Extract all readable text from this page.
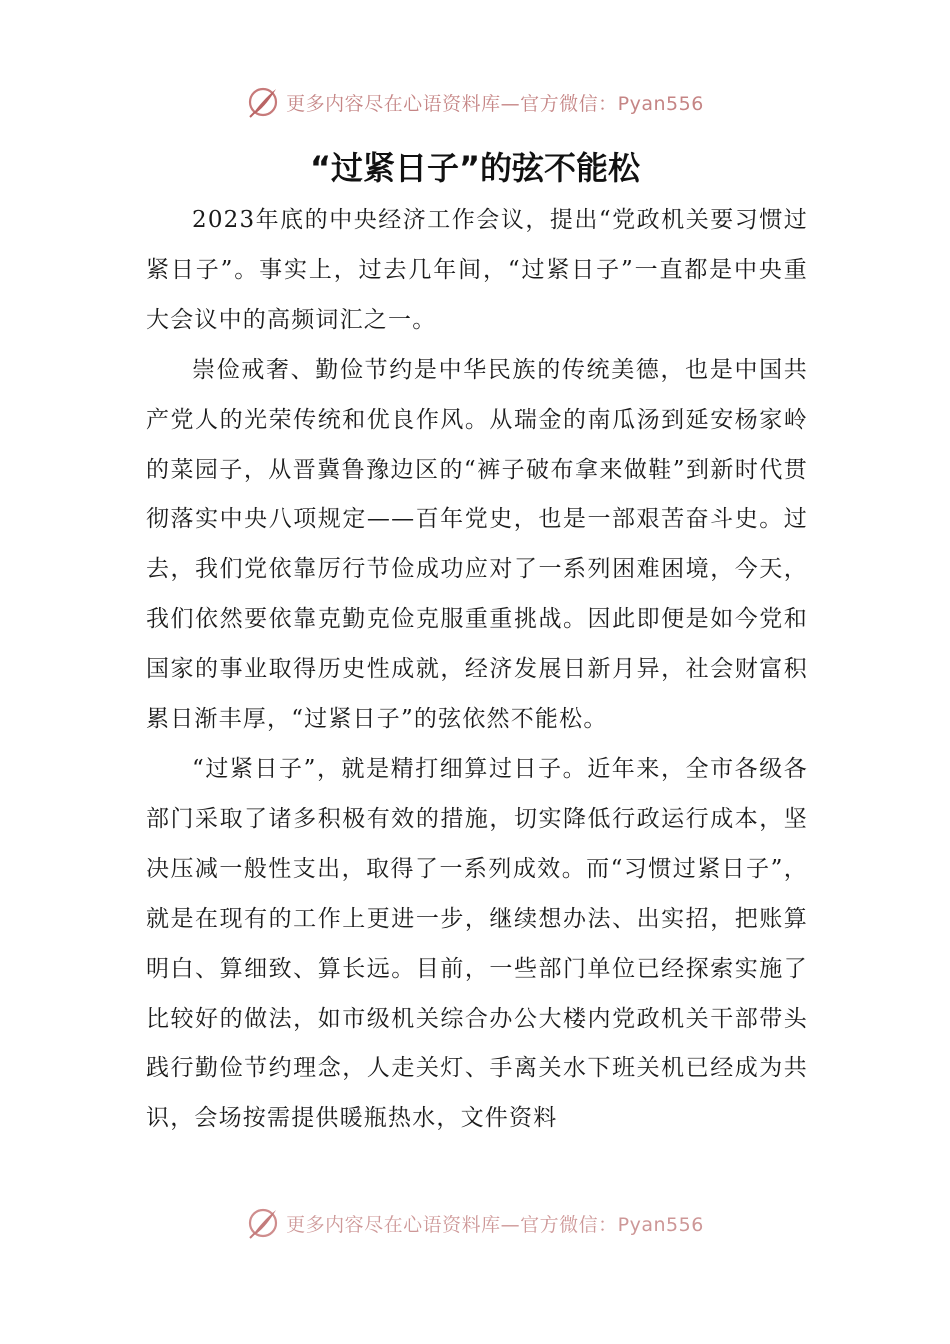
更多内容尽在心语资料库—官方微信：Pyan556
“过紧日子”的弦不能松

2023年底的中央经济工作会议，提出“党政机关要习惯过紧日子”。事实上，过去几年间，“过紧日子”一直都是中央重大会议中的高频词汇之一。

崇俭戒奢、勤俭节约是中华民族的传统美德，也是中国共产党人的光荣传统和优良作风。从瑞金的南瓜汤到延安杨家岭的菜园子，从晋冀鲁豫边区的“裤子破布拿来做鞋”到新时代贯彻落实中央八项规定——百年党史，也是一部艰苦奋斗史。过去，我们党依靠厉行节俭成功应对了一系列困难困境，今天，我们依然要依靠克勤克俭克服重重挑战。因此即便是如今党和国家的事业取得历史性成就，经济发展日新月异，社会财富积累日渐丰厚，“过紧日子”的弦依然不能松。

“过紧日子”，就是精打细算过日子。近年来，全市各级各部门采取了诸多积极有效的措施，切实降低行政运行成本，坚决压减一般性支出，取得了一系列成效。而“习惯过紧日子”，就是在现有的工作上更进一步，继续想办法、出实招，把账算明白、算细致、算长远。目前，一些部门单位已经探索实施了比较好的做法，如市级机关综合办公大楼内党政机关干部带头践行勤俭节约理念，人走关灯、手离关水下班关机已经成为共识，会场按需提供暖瓶热水，文件资料

更多内容尽在心语资料库—官方微信：Pyan556
